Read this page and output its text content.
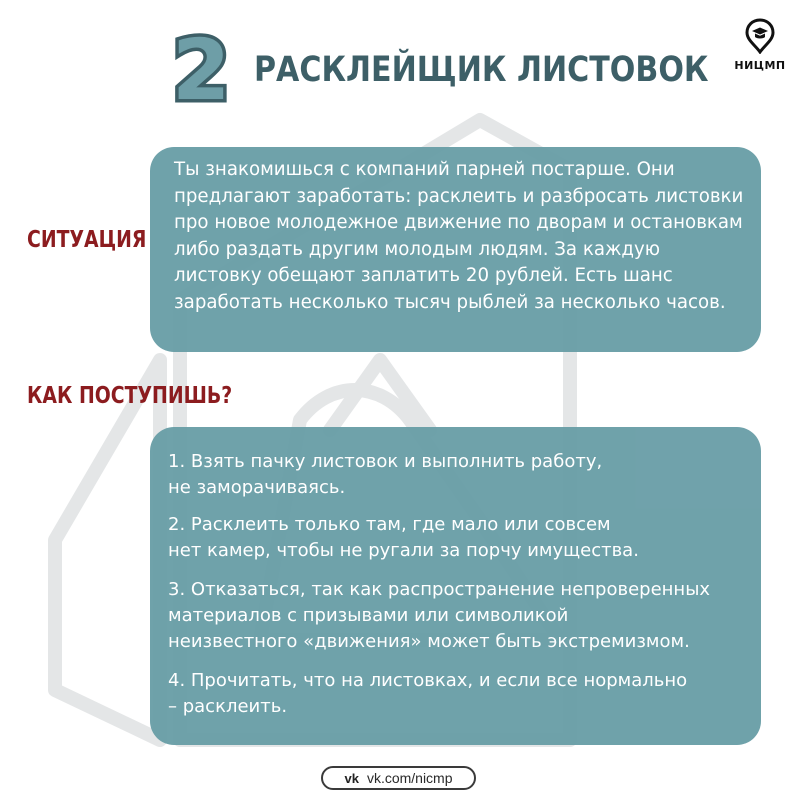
2 РАСКЛЕЙЩИК ЛИСТОВОК	НИЦМП
СИТУАЦИЯ
Ты знакомишься с компаний парней постарше. Они предлагают заработать: расклеить и разбросать листовки про новое молодежное движение по дворам и остановкам либо раздать другим молодым людям. За каждую листовку обещают заплатить 20 рублей. Есть шанс заработать несколько тысяч рыблей за несколько часов.
КАК ПОСТУПИШЬ?
1. Взять пачку листовок и выполнить работу,
не заморачиваясь.
2. Расклеить только там, где мало или совсем
нет камер, чтобы не ругали за порчу имущества.
3. Отказаться, так как распространение непроверенных
материалов с призывами или символикой
неизвестного «движения» может быть экстремизмом.
4. Прочитать, что на листовках, и если все нормально
– расклеить.
vk vk.com/nicmp
